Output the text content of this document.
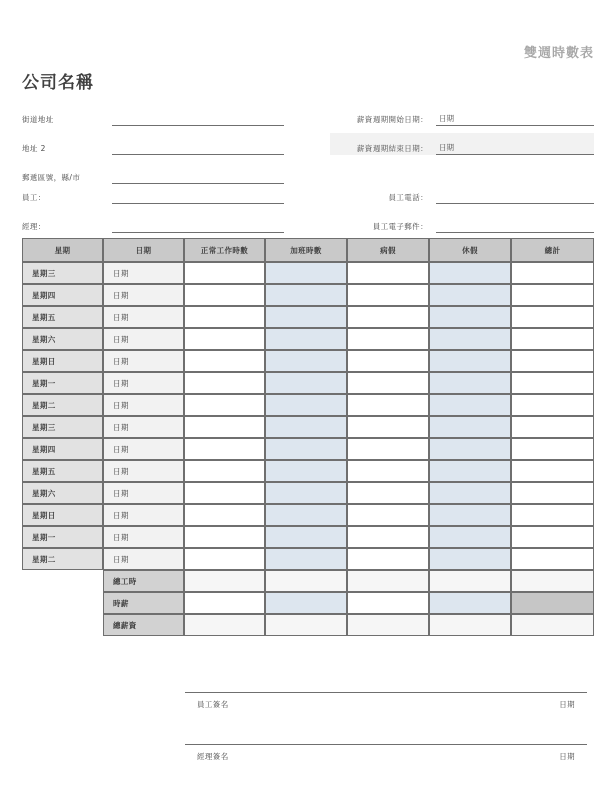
雙週時數表
公司名稱
街道地址
地址 2
郵遞區號，縣/市
薪資週期開始日期：	日期
薪資週期結束日期：	日期
員工：
經理：
員工電話：
員工電子郵件：
星期	日期	正常工作時數	加班時數	病假	休假	總計
星期三	日期					
星期四	日期					
星期五	日期					
星期六	日期					
星期日	日期					
星期一	日期					
星期二	日期					
星期三	日期					
星期四	日期					
星期五	日期					
星期六	日期					
星期日	日期					
星期一	日期					
星期二	日期					
	總工時					
	時薪					
	總薪資					
員工簽名	日期
經理簽名	日期
